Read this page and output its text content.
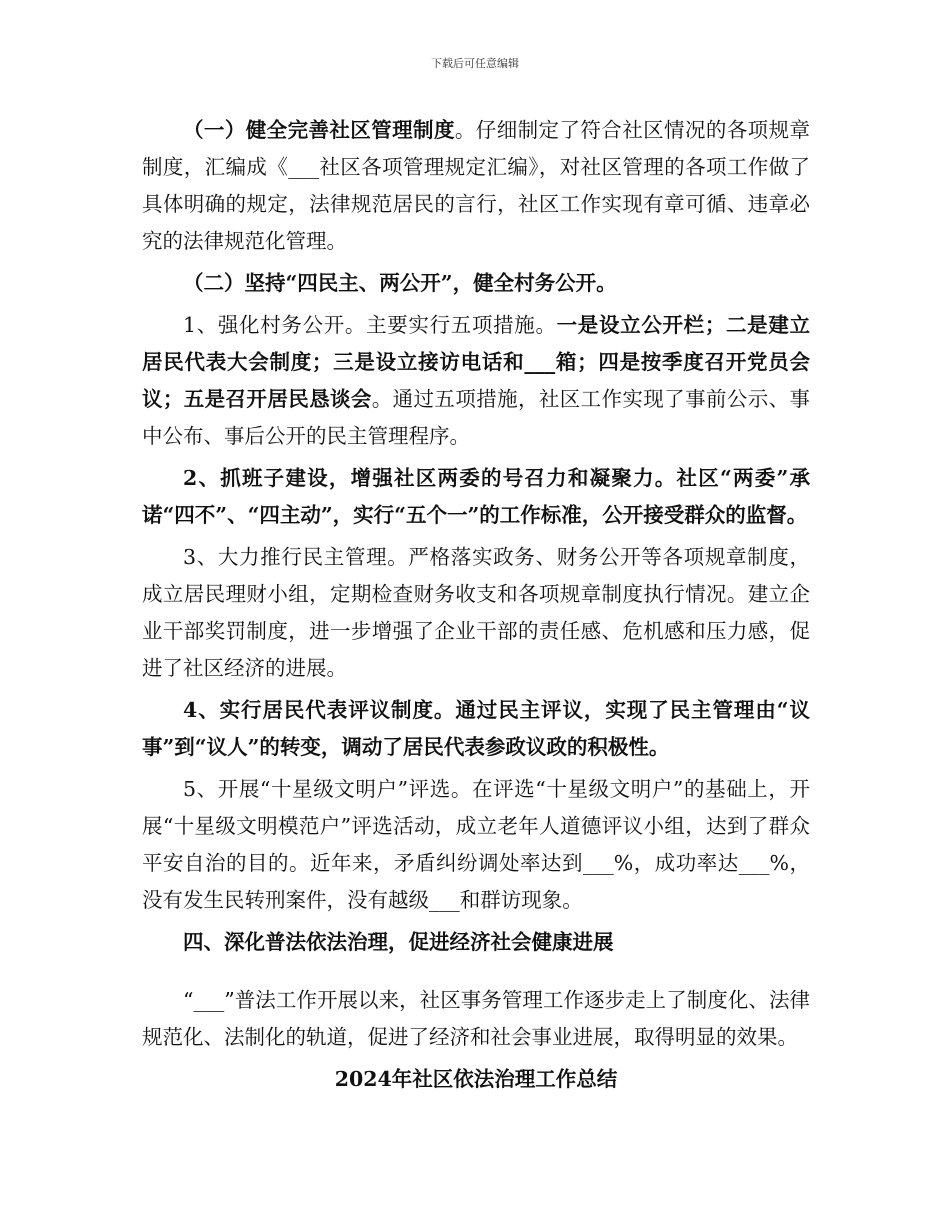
下载后可任意编辑

（一）健全完善社区管理制度。仔细制定了符合社区情况的各项规章制度，汇编成《___社区各项管理规定汇编》，对社区管理的各项工作做了具体明确的规定，法律规范居民的言行，社区工作实现有章可循、违章必究的法律规范化管理。

（二）坚持“四民主、两公开”，健全村务公开。

1、强化村务公开。主要实行五项措施。一是设立公开栏；二是建立居民代表大会制度；三是设立接访电话和___箱；四是按季度召开党员会议；五是召开居民恳谈会。通过五项措施，社区工作实现了事前公示、事中公布、事后公开的民主管理程序。

2、抓班子建设，增强社区两委的号召力和凝聚力。社区“两委”承诺“四不”、“四主动”，实行“五个一”的工作标准，公开接受群众的监督。

3、大力推行民主管理。严格落实政务、财务公开等各项规章制度，成立居民理财小组，定期检查财务收支和各项规章制度执行情况。建立企业干部奖罚制度，进一步增强了企业干部的责任感、危机感和压力感，促进了社区经济的进展。

4、实行居民代表评议制度。通过民主评议，实现了民主管理由“议事”到“议人”的转变，调动了居民代表参政议政的积极性。

5、开展“十星级文明户”评选。在评选“十星级文明户”的基础上，开展“十星级文明模范户”评选活动，成立老年人道德评议小组，达到了群众平安自治的目的。近年来，矛盾纠纷调处率达到___%，成功率达___%，没有发生民转刑案件，没有越级___和群访现象。

四、深化普法依法治理，促进经济社会健康进展

“___”普法工作开展以来，社区事务管理工作逐步走上了制度化、法律规范化、法制化的轨道，促进了经济和社会事业进展，取得明显的效果。

2024年社区依法治理工作总结
